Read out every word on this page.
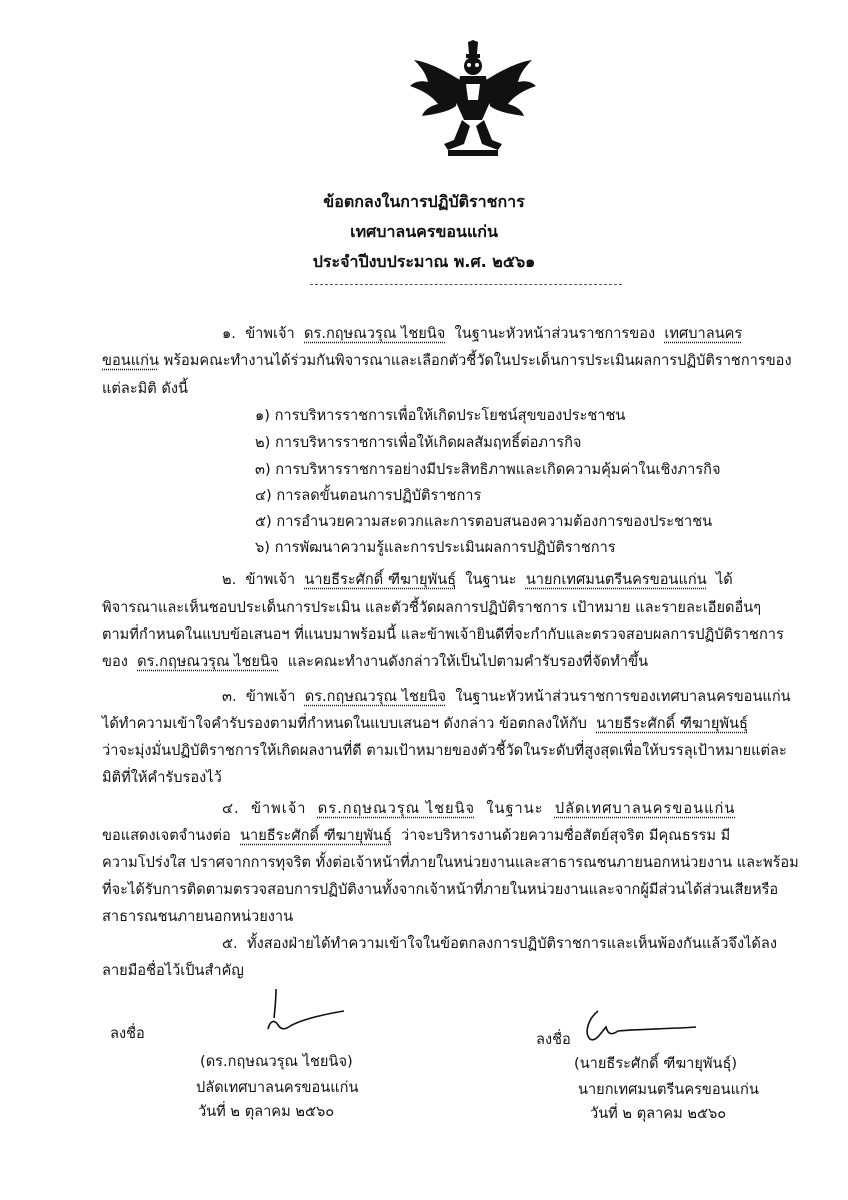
ข้อตกลงในการปฏิบัติราชการ
เทศบาลนครขอนแก่น
ประจำปีงบประมาณ พ.ศ. ๒๕๖๑
๑. ข้าพเจ้า ดร.กฤษณวรุณ ไชยนิจ ในฐานะหัวหน้าส่วนราชการของ เทศบาลนคร
ขอนแก่น พร้อมคณะทำงานได้ร่วมกันพิจารณาและเลือกตัวชี้วัดในประเด็นการประเมินผลการปฏิบัติราชการของ
แต่ละมิติ ดังนี้
๑) การบริหารราชการเพื่อให้เกิดประโยชน์สุขของประชาชน
๒) การบริหารราชการเพื่อให้เกิดผลสัมฤทธิ์ต่อภารกิจ
๓) การบริหารราชการอย่างมีประสิทธิภาพและเกิดความคุ้มค่าในเชิงภารกิจ
๔) การลดขั้นตอนการปฏิบัติราชการ
๕) การอำนวยความสะดวกและการตอบสนองความต้องการของประชาชน
๖) การพัฒนาความรู้และการประเมินผลการปฏิบัติราชการ
๒. ข้าพเจ้า นายธีระศักดิ์ ฑีฆายุพันธุ์ ในฐานะ นายกเทศมนตรีนครขอนแก่น ได้
พิจารณาและเห็นชอบประเด็นการประเมิน และตัวชี้วัดผลการปฏิบัติราชการ เป้าหมาย และรายละเอียดอื่นๆ
ตามที่กำหนดในแบบข้อเสนอฯ ที่แนบมาพร้อมนี้ และข้าพเจ้ายินดีที่จะกำกับและตรวจสอบผลการปฏิบัติราชการ
ของ ดร.กฤษณวรุณ ไชยนิจ และคณะทำงานดังกล่าวให้เป็นไปตามคำรับรองที่จัดทำขึ้น
๓. ข้าพเจ้า ดร.กฤษณวรุณ ไชยนิจ ในฐานะหัวหน้าส่วนราชการของเทศบาลนครขอนแก่น
ได้ทำความเข้าใจคำรับรองตามที่กำหนดในแบบเสนอฯ ดังกล่าว ข้อตกลงให้กับ นายธีระศักดิ์ ฑีฆายุพันธุ์
ว่าจะมุ่งมั่นปฏิบัติราชการให้เกิดผลงานที่ดี ตามเป้าหมายของตัวชี้วัดในระดับที่สูงสุดเพื่อให้บรรลุเป้าหมายแต่ละ
มิติที่ให้คำรับรองไว้
๔. ข้าพเจ้า ดร.กฤษณวรุณ ไชยนิจ ในฐานะ ปลัดเทศบาลนครขอนแก่น
ขอแสดงเจตจำนงต่อ นายธีระศักดิ์ ฑีฆายุพันธุ์ ว่าจะบริหารงานด้วยความซื่อสัตย์สุจริต มีคุณธรรม มี
ความโปร่งใส ปราศจากการทุจริต ทั้งต่อเจ้าหน้าที่ภายในหน่วยงานและสาธารณชนภายนอกหน่วยงาน และพร้อม
ที่จะได้รับการติดตามตรวจสอบการปฏิบัติงานทั้งจากเจ้าหน้าที่ภายในหน่วยงานและจากผู้มีส่วนได้ส่วนเสียหรือ
สาธารณชนภายนอกหน่วยงาน
๕. ทั้งสองฝ่ายได้ทำความเข้าใจในข้อตกลงการปฏิบัติราชการและเห็นพ้องกันแล้วจึงได้ลง
ลายมือชื่อไว้เป็นสำคัญ
ลงชื่อ
(ดร.กฤษณวรุณ ไชยนิจ)
ปลัดเทศบาลนครขอนแก่น
วันที่ ๒ ตุลาคม ๒๕๖๐
ลงชื่อ
(นายธีระศักดิ์ ฑีฆายุพันธุ์)
นายกเทศมนตรีนครขอนแก่น
วันที่ ๒ ตุลาคม ๒๕๖๐
